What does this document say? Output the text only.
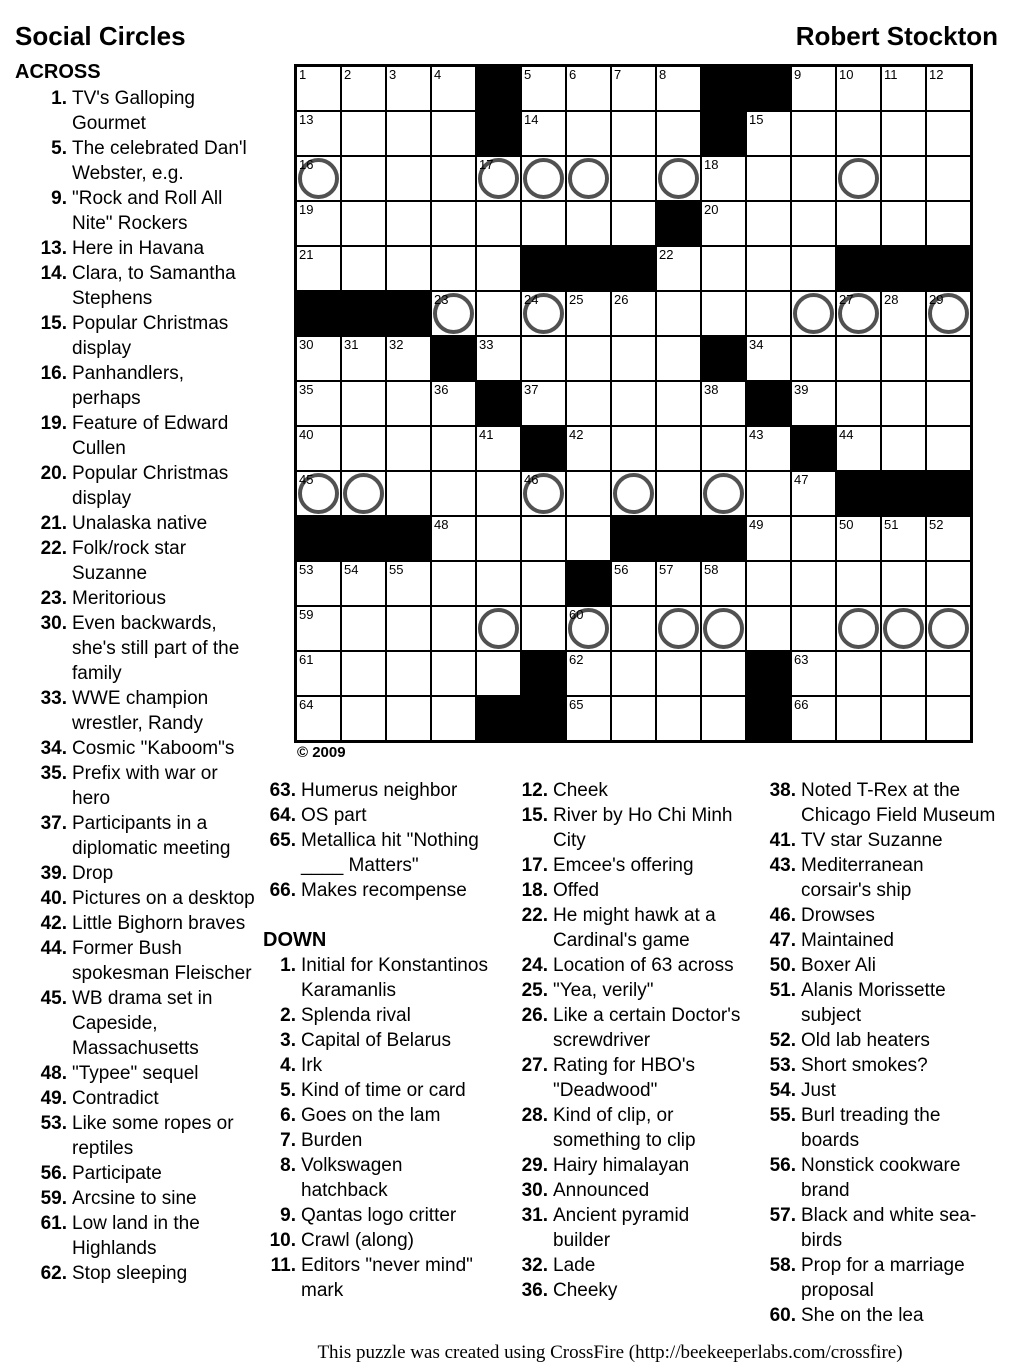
Social Circles	Robert Stockton
ACROSS
1. TV's Galloping Gourmet
5. The celebrated Dan'l Webster, e.g.
9. "Rock and Roll All Nite" Rockers
13. Here in Havana
14. Clara, to Samantha Stephens
15. Popular Christmas display
16. Panhandlers, perhaps
19. Feature of Edward Cullen
20. Popular Christmas display
21. Unalaska native
22. Folk/rock star Suzanne
23. Meritorious
30. Even backwards, she's still part of the family
33. WWE champion wrestler, Randy
34. Cosmic "Kaboom"s
35. Prefix with war or hero
37. Participants in a diplomatic meeting
39. Drop
40. Pictures on a desktop
42. Little Bighorn braves
44. Former Bush spokesman Fleischer
45. WB drama set in Capeside, Massachusetts
48. "Typee" sequel
49. Contradict
53. Like some ropes or reptiles
56. Participate
59. Arcsine to sine
61. Low land in the Highlands
62. Stop sleeping
1	2	3	4	5	6	7	8	9	10 11 12
13	14	15
16	17	18
19	20
21	22
23	24 25 26	27 28 29
30 31 32	33	34
35	36	37	38	39
40	41	42	43	44
45	46	47
48	49	50 51 52
53 54 55	56 57 58
59	60
61	62	63
64	65	66
© 2009
63. Humerus neighbor
64. OS part
65. Metallica hit "Nothing ____ Matters"
66. Makes recompense
DOWN
1. Initial for Konstantinos Karamanlis
2. Splenda rival
3. Capital of Belarus
4. Irk
5. Kind of time or card
6. Goes on the lam
7. Burden
8. Volkswagen hatchback
9. Qantas logo critter
10. Crawl (along)
11. Editors "never mind" mark
12. Cheek
15. River by Ho Chi Minh City
17. Emcee's offering
18. Offed
22. He might hawk at a Cardinal's game
24. Location of 63 across
25. "Yea, verily"
26. Like a certain Doctor's screwdriver
27. Rating for HBO's "Deadwood"
28. Kind of clip, or something to clip
29. Hairy himalayan
30. Announced
31. Ancient pyramid builder
32. Lade
36. Cheeky
38. Noted T-Rex at the Chicago Field Museum
41. TV star Suzanne
43. Mediterranean corsair's ship
46. Drowses
47. Maintained
50. Boxer Ali
51. Alanis Morissette subject
52. Old lab heaters
53. Short smokes?
54. Just
55. Burl treading the boards
56. Nonstick cookware brand
57. Black and white sea-birds
58. Prop for a marriage proposal
60. She on the lea
This puzzle was created using CrossFire (http://beekeeperlabs.com/crossfire)
